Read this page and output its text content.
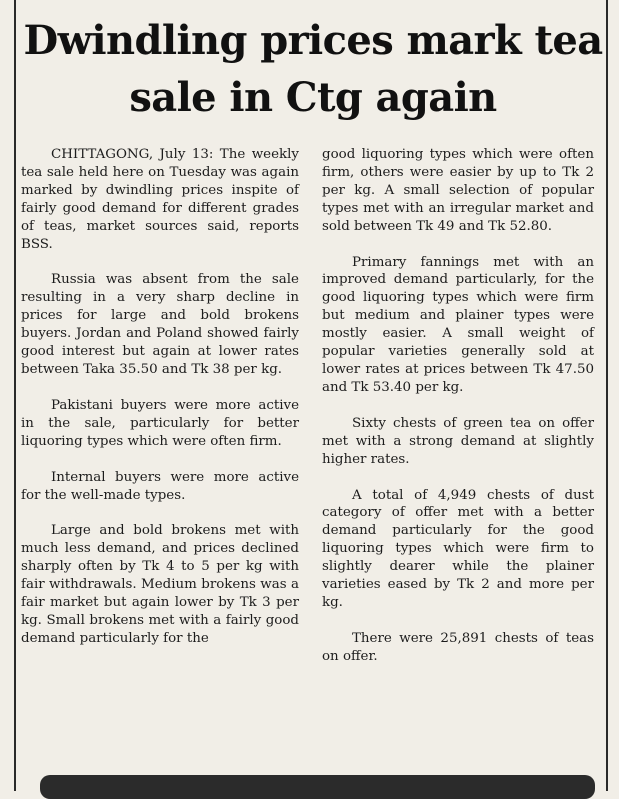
Dwindling prices mark tea sale in Ctg again

CHITTAGONG, July 13: The weekly tea sale held here on Tuesday was again marked by dwindling prices inspite of fairly good demand for different grades of teas, market sources said, reports BSS.

Russia was absent from the sale resulting in a very sharp decline in prices for large and bold brokens buyers. Jordan and Poland showed fairly good interest but again at lower rates between Taka 35.50 and Tk 38 per kg.

Pakistani buyers were more active in the sale, particularly for better liquoring types which were often firm.

Internal buyers were more active for the well-made types.

Large and bold brokens met with much less demand, and prices declined sharply often by Tk 4 to 5 per kg with fair withdrawals. Medium brokens was a fair market but again lower by Tk 3 per kg. Small brokens met with a fairly good demand particularly for the

good liquoring types which were often firm, others were easier by up to Tk 2 per kg. A small selection of popular types met with an irregular market and sold between Tk 49 and Tk 52.80.

Primary fannings met with an improved demand particularly, for the good liquoring types which were firm but medium and plainer types were mostly easier. A small weight of popular varieties generally sold at lower rates at prices between Tk 47.50 and Tk 53.40 per kg.

Sixty chests of green tea on offer met with a strong demand at slightly higher rates.

A total of 4,949 chests of dust category of offer met with a better demand particularly for the good liquoring types which were firm to slightly dearer while the plainer varieties eased by Tk 2 and more per kg.

There were 25,891 chests of teas on offer.
